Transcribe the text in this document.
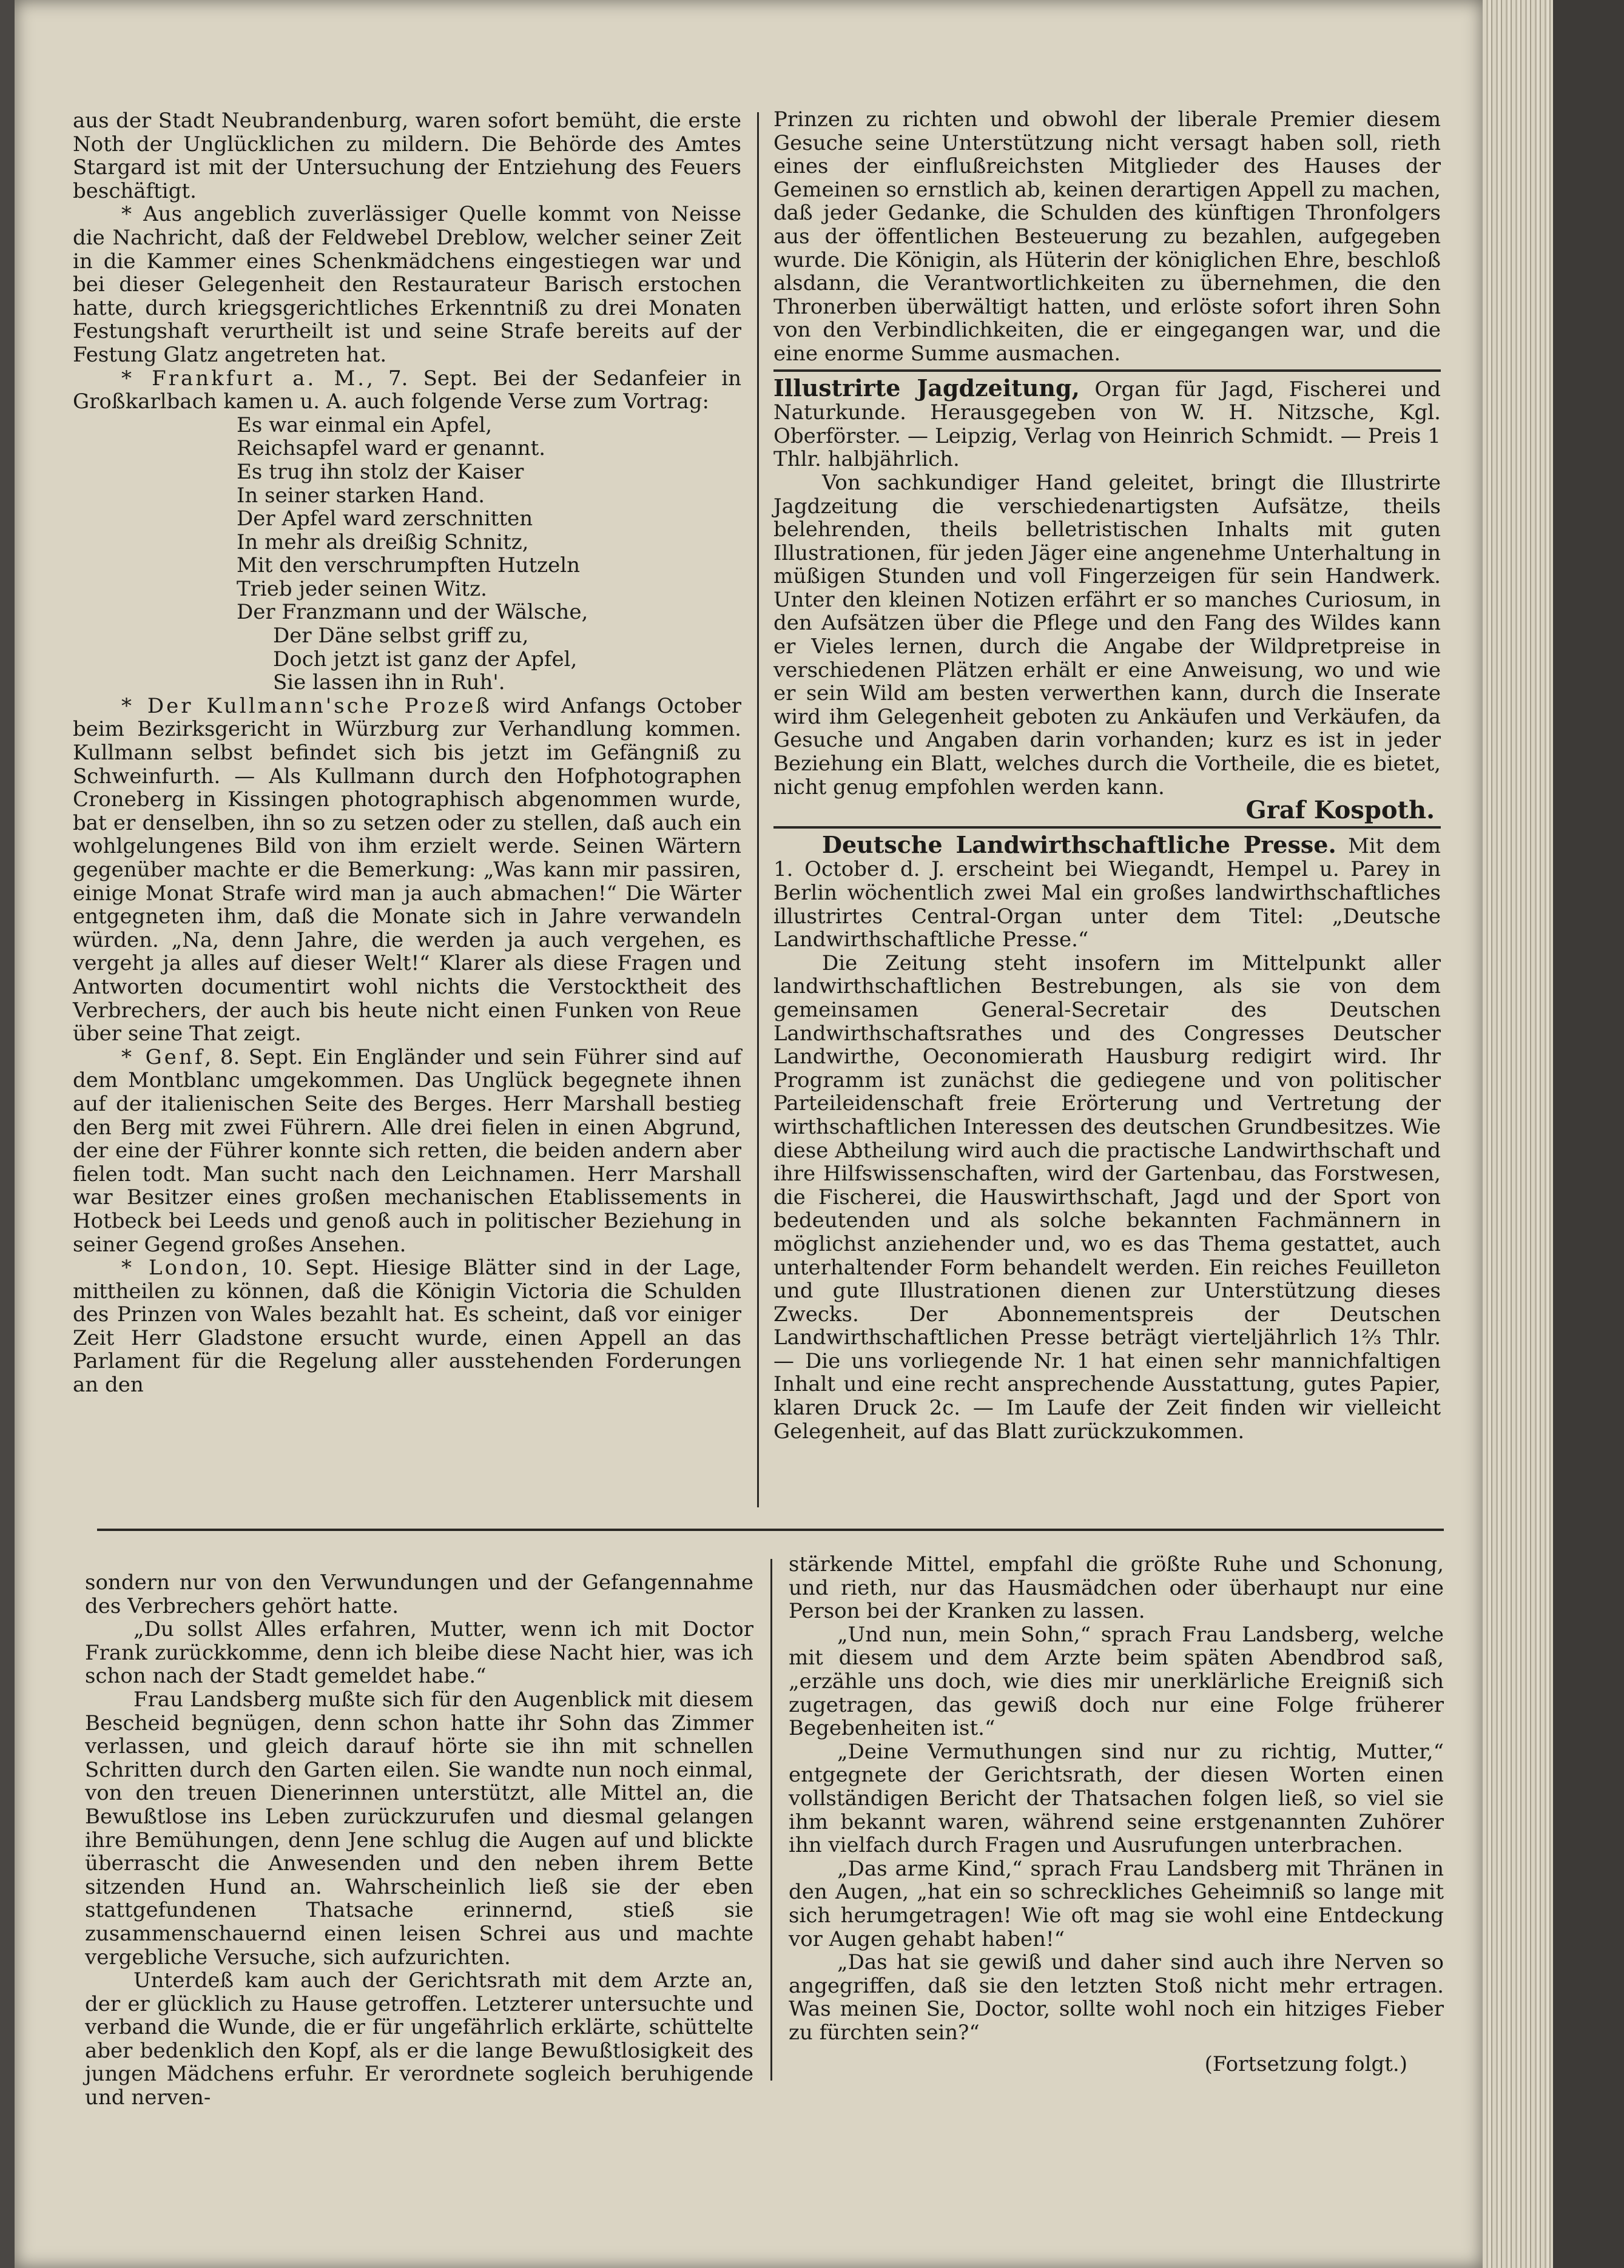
aus der Stadt Neubrandenburg, waren sofort bemüht, die erste Noth der Unglücklichen zu mildern. Die Behörde des Amtes Stargard ist mit der Untersuchung der Entziehung des Feuers beschäftigt.

* Aus angeblich zuverlässiger Quelle kommt von Neisse die Nachricht, daß der Feldwebel Dreblow, welcher seiner Zeit in die Kammer eines Schenkmädchens eingestiegen war und bei dieser Gelegenheit den Restaurateur Barisch erstochen hatte, durch kriegsgerichtliches Erkenntniß zu drei Monaten Festungshaft verurtheilt ist und seine Strafe bereits auf der Festung Glatz angetreten hat.

* Frankfurt a. M., 7. Sept. Bei der Sedanfeier in Großkarlbach kamen u. A. auch folgende Verse zum Vortrag:

Es war einmal ein Apfel,

Reichsapfel ward er genannt.

Es trug ihn stolz der Kaiser

In seiner starken Hand.

Der Apfel ward zerschnitten

In mehr als dreißig Schnitz,

Mit den verschrumpften Hutzeln

Trieb jeder seinen Witz.

Der Franzmann und der Wälsche,

Der Däne selbst griff zu,

Doch jetzt ist ganz der Apfel,

Sie lassen ihn in Ruh'.

* Der Kullmann'sche Prozeß wird Anfangs October beim Bezirksgericht in Würzburg zur Verhandlung kommen. Kullmann selbst befindet sich bis jetzt im Gefängniß zu Schweinfurth. — Als Kullmann durch den Hofphotographen Croneberg in Kissingen photographisch abgenommen wurde, bat er denselben, ihn so zu setzen oder zu stellen, daß auch ein wohlgelungenes Bild von ihm erzielt werde. Seinen Wärtern gegenüber machte er die Bemerkung: „Was kann mir passiren, einige Monat Strafe wird man ja auch abmachen!“ Die Wärter entgegneten ihm, daß die Monate sich in Jahre verwandeln würden. „Na, denn Jahre, die werden ja auch vergehen, es vergeht ja alles auf dieser Welt!“ Klarer als diese Fragen und Antworten documentirt wohl nichts die Verstocktheit des Verbrechers, der auch bis heute nicht einen Funken von Reue über seine That zeigt.

* Genf, 8. Sept. Ein Engländer und sein Führer sind auf dem Montblanc umgekommen. Das Unglück begegnete ihnen auf der italienischen Seite des Berges. Herr Marshall bestieg den Berg mit zwei Führern. Alle drei fielen in einen Abgrund, der eine der Führer konnte sich retten, die beiden andern aber fielen todt. Man sucht nach den Leichnamen. Herr Marshall war Besitzer eines großen mechanischen Etablissements in Hotbeck bei Leeds und genoß auch in politischer Beziehung in seiner Gegend großes Ansehen.

* London, 10. Sept. Hiesige Blätter sind in der Lage, mittheilen zu können, daß die Königin Victoria die Schulden des Prinzen von Wales bezahlt hat. Es scheint, daß vor einiger Zeit Herr Gladstone ersucht wurde, einen Appell an das Parlament für die Regelung aller ausstehenden Forderungen an den

Prinzen zu richten und obwohl der liberale Premier diesem Gesuche seine Unterstützung nicht versagt haben soll, rieth eines der einflußreichsten Mitglieder des Hauses der Gemeinen so ernstlich ab, keinen derartigen Appell zu machen, daß jeder Gedanke, die Schulden des künftigen Thronfolgers aus der öffentlichen Besteuerung zu bezahlen, aufgegeben wurde. Die Königin, als Hüterin der königlichen Ehre, beschloß alsdann, die Verantwortlichkeiten zu übernehmen, die den Thronerben überwältigt hatten, und erlöste sofort ihren Sohn von den Verbindlichkeiten, die er eingegangen war, und die eine enorme Summe ausmachen.

Illustrirte Jagdzeitung, Organ für Jagd, Fischerei und Naturkunde. Herausgegeben von W. H. Nitzsche, Kgl. Oberförster. — Leipzig, Verlag von Heinrich Schmidt. — Preis 1 Thlr. halbjährlich.

Von sachkundiger Hand geleitet, bringt die Illustrirte Jagdzeitung die verschiedenartigsten Aufsätze, theils belehrenden, theils belletristischen Inhalts mit guten Illustrationen, für jeden Jäger eine angenehme Unterhaltung in müßigen Stunden und voll Fingerzeigen für sein Handwerk. Unter den kleinen Notizen erfährt er so manches Curiosum, in den Aufsätzen über die Pflege und den Fang des Wildes kann er Vieles lernen, durch die Angabe der Wildpretpreise in verschiedenen Plätzen erhält er eine Anweisung, wo und wie er sein Wild am besten verwerthen kann, durch die Inserate wird ihm Gelegenheit geboten zu Ankäufen und Verkäufen, da Gesuche und Angaben darin vorhanden; kurz es ist in jeder Beziehung ein Blatt, welches durch die Vortheile, die es bietet, nicht genug empfohlen werden kann.

Graf Kospoth.

Deutsche Landwirthschaftliche Presse. Mit dem 1. October d. J. erscheint bei Wiegandt, Hempel u. Parey in Berlin wöchentlich zwei Mal ein großes landwirthschaftliches illustrirtes Central-Organ unter dem Titel: „Deutsche Landwirthschaftliche Presse.“

Die Zeitung steht insofern im Mittelpunkt aller landwirthschaftlichen Bestrebungen, als sie von dem gemeinsamen General-Secretair des Deutschen Landwirthschaftsrathes und des Congresses Deutscher Landwirthe, Oeconomierath Hausburg redigirt wird. Ihr Programm ist zunächst die gediegene und von politischer Parteileidenschaft freie Erörterung und Vertretung der wirthschaftlichen Interessen des deutschen Grundbesitzes. Wie diese Abtheilung wird auch die practische Landwirthschaft und ihre Hilfswissenschaften, wird der Gartenbau, das Forstwesen, die Fischerei, die Hauswirthschaft, Jagd und der Sport von bedeutenden und als solche bekannten Fachmännern in möglichst anziehender und, wo es das Thema gestattet, auch unterhaltender Form behandelt werden. Ein reiches Feuilleton und gute Illustrationen dienen zur Unterstützung dieses Zwecks. Der Abonnementspreis der Deutschen Landwirthschaftlichen Presse beträgt vierteljährlich 1⅔ Thlr. — Die uns vorliegende Nr. 1 hat einen sehr mannichfaltigen Inhalt und eine recht ansprechende Ausstattung, gutes Papier, klaren Druck 2c. — Im Laufe der Zeit finden wir vielleicht Gelegenheit, auf das Blatt zurückzukommen.

sondern nur von den Verwundungen und der Gefangennahme des Verbrechers gehört hatte.

„Du sollst Alles erfahren, Mutter, wenn ich mit Doctor Frank zurückkomme, denn ich bleibe diese Nacht hier, was ich schon nach der Stadt gemeldet habe.“

Frau Landsberg mußte sich für den Augenblick mit diesem Bescheid begnügen, denn schon hatte ihr Sohn das Zimmer verlassen, und gleich darauf hörte sie ihn mit schnellen Schritten durch den Garten eilen. Sie wandte nun noch einmal, von den treuen Dienerinnen unterstützt, alle Mittel an, die Bewußtlose ins Leben zurückzurufen und diesmal gelangen ihre Bemühungen, denn Jene schlug die Augen auf und blickte überrascht die Anwesenden und den neben ihrem Bette sitzenden Hund an. Wahrscheinlich ließ sie der eben stattgefundenen Thatsache erinnernd, stieß sie zusammenschauernd einen leisen Schrei aus und machte vergebliche Versuche, sich aufzurichten.

Unterdeß kam auch der Gerichtsrath mit dem Arzte an, der er glücklich zu Hause getroffen. Letzterer untersuchte und verband die Wunde, die er für ungefährlich erklärte, schüttelte aber bedenklich den Kopf, als er die lange Bewußtlosigkeit des jungen Mädchens erfuhr. Er verordnete sogleich beruhigende und nerven-

stärkende Mittel, empfahl die größte Ruhe und Schonung, und rieth, nur das Hausmädchen oder überhaupt nur eine Person bei der Kranken zu lassen.

„Und nun, mein Sohn,“ sprach Frau Landsberg, welche mit diesem und dem Arzte beim späten Abendbrod saß, „erzähle uns doch, wie dies mir unerklärliche Ereigniß sich zugetragen, das gewiß doch nur eine Folge früherer Begebenheiten ist.“

„Deine Vermuthungen sind nur zu richtig, Mutter,“ entgegnete der Gerichtsrath, der diesen Worten einen vollständigen Bericht der Thatsachen folgen ließ, so viel sie ihm bekannt waren, während seine erstgenannten Zuhörer ihn vielfach durch Fragen und Ausrufungen unterbrachen.

„Das arme Kind,“ sprach Frau Landsberg mit Thränen in den Augen, „hat ein so schreckliches Geheimniß so lange mit sich herumgetragen! Wie oft mag sie wohl eine Entdeckung vor Augen gehabt haben!“

„Das hat sie gewiß und daher sind auch ihre Nerven so angegriffen, daß sie den letzten Stoß nicht mehr ertragen. Was meinen Sie, Doctor, sollte wohl noch ein hitziges Fieber zu fürchten sein?“

(Fortsetzung folgt.)
